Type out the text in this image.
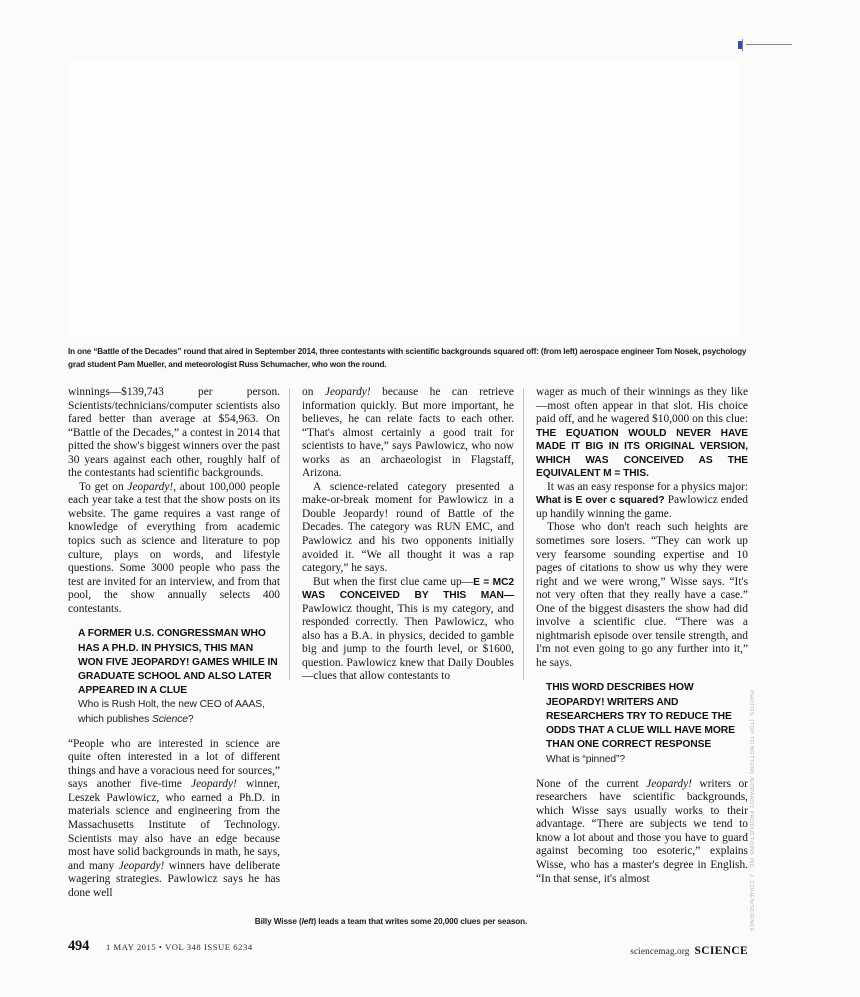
In one “Battle of the Decades” round that aired in September 2014, three contestants with scientific backgrounds squared off: (from left) aerospace engineer Tom Nosek, psychology grad student Pam Mueller, and meteorologist Russ Schumacher, who won the round.

winnings—$139,743 per person. Scientists/technicians/computer scientists also fared better than average at $54,963. On “Battle of the Decades,” a contest in 2014 that pitted the show's biggest winners over the past 30 years against each other, roughly half of the contestants had scientific backgrounds.

To get on Jeopardy!, about 100,000 people each year take a test that the show posts on its website. The game requires a vast range of knowledge of everything from academic topics such as science and literature to pop culture, plays on words, and lifestyle questions. Some 3000 people who pass the test are invited for an interview, and from that pool, the show annually selects 400 contestants.

A FORMER U.S. CONGRESSMAN WHO HAS A PH.D. IN PHYSICS, THIS MAN WON FIVE JEOPARDY! GAMES WHILE IN GRADUATE SCHOOL AND ALSO LATER APPEARED IN A CLUE

Who is Rush Holt, the new CEO of AAAS, which publishes Science?

“People who are interested in science are quite often interested in a lot of different things and have a voracious need for sources,” says another five-time Jeopardy! winner, Leszek Pawlowicz, who earned a Ph.D. in materials science and engineering from the Massachusetts Institute of Technology. Scientists may also have an edge because most have solid backgrounds in math, he says, and many Jeopardy! winners have deliberate wagering strategies. Pawlowicz says he has done well

on Jeopardy! because he can retrieve information quickly. But more important, he believes, he can relate facts to each other. “That's almost certainly a good trait for scientists to have,” says Pawlowicz, who now works as an archaeologist in Flagstaff, Arizona.

A science-related category presented a make-or-break moment for Pawlowicz in a Double Jeopardy! round of Battle of the Decades. The category was RUN EMC, and Pawlowicz and his two opponents initially avoided it. “We all thought it was a rap category,” he says.

But when the first clue came up—E = MC2 WAS CONCEIVED BY THIS MAN—Pawlowicz thought, This is my category, and responded correctly. Then Pawlowicz, who also has a B.A. in physics, decided to gamble big and jump to the fourth level, or $1600, question. Pawlowicz knew that Daily Doubles—clues that allow contestants to

wager as much of their winnings as they like—most often appear in that slot. His choice paid off, and he wagered $10,000 on this clue: THE EQUATION WOULD NEVER HAVE MADE IT BIG IN ITS ORIGINAL VERSION, WHICH WAS CONCEIVED AS THE EQUIVALENT M = THIS.

It was an easy response for a physics major: What is E over c squared? Pawlowicz ended up handily winning the game.

Those who don't reach such heights are sometimes sore losers. “They can work up very fearsome sounding expertise and 10 pages of citations to show us why they were right and we were wrong,” Wisse says. “It's not very often that they really have a case.” One of the biggest disasters the show had did involve a scientific clue. “There was a nightmarish episode over tensile strength, and I'm not even going to go any further into it,” he says.

THIS WORD DESCRIBES HOW JEOPARDY! WRITERS AND RESEARCHERS TRY TO REDUCE THE ODDS THAT A CLUE WILL HAVE MORE THAN ONE CORRECT RESPONSE

What is “pinned”?

None of the current Jeopardy! writers or researchers have scientific backgrounds, which Wisse says usually works to their advantage. “There are subjects we tend to know a lot about and those you have to guard against becoming too esoteric,” explains Wisse, who has a master's degree in English. “In that sense, it's almost

Billy Wisse (left) leads a team that writes some 20,000 clues per season.	PHOTOS: (TOP TO BOTTOM) JEOPARDY PRODUCTIONS INC.; J. COHEN/SCIENCE
494 1 MAY 2015 • VOL 348 ISSUE 6234	sciencemag.org SCIENCE
